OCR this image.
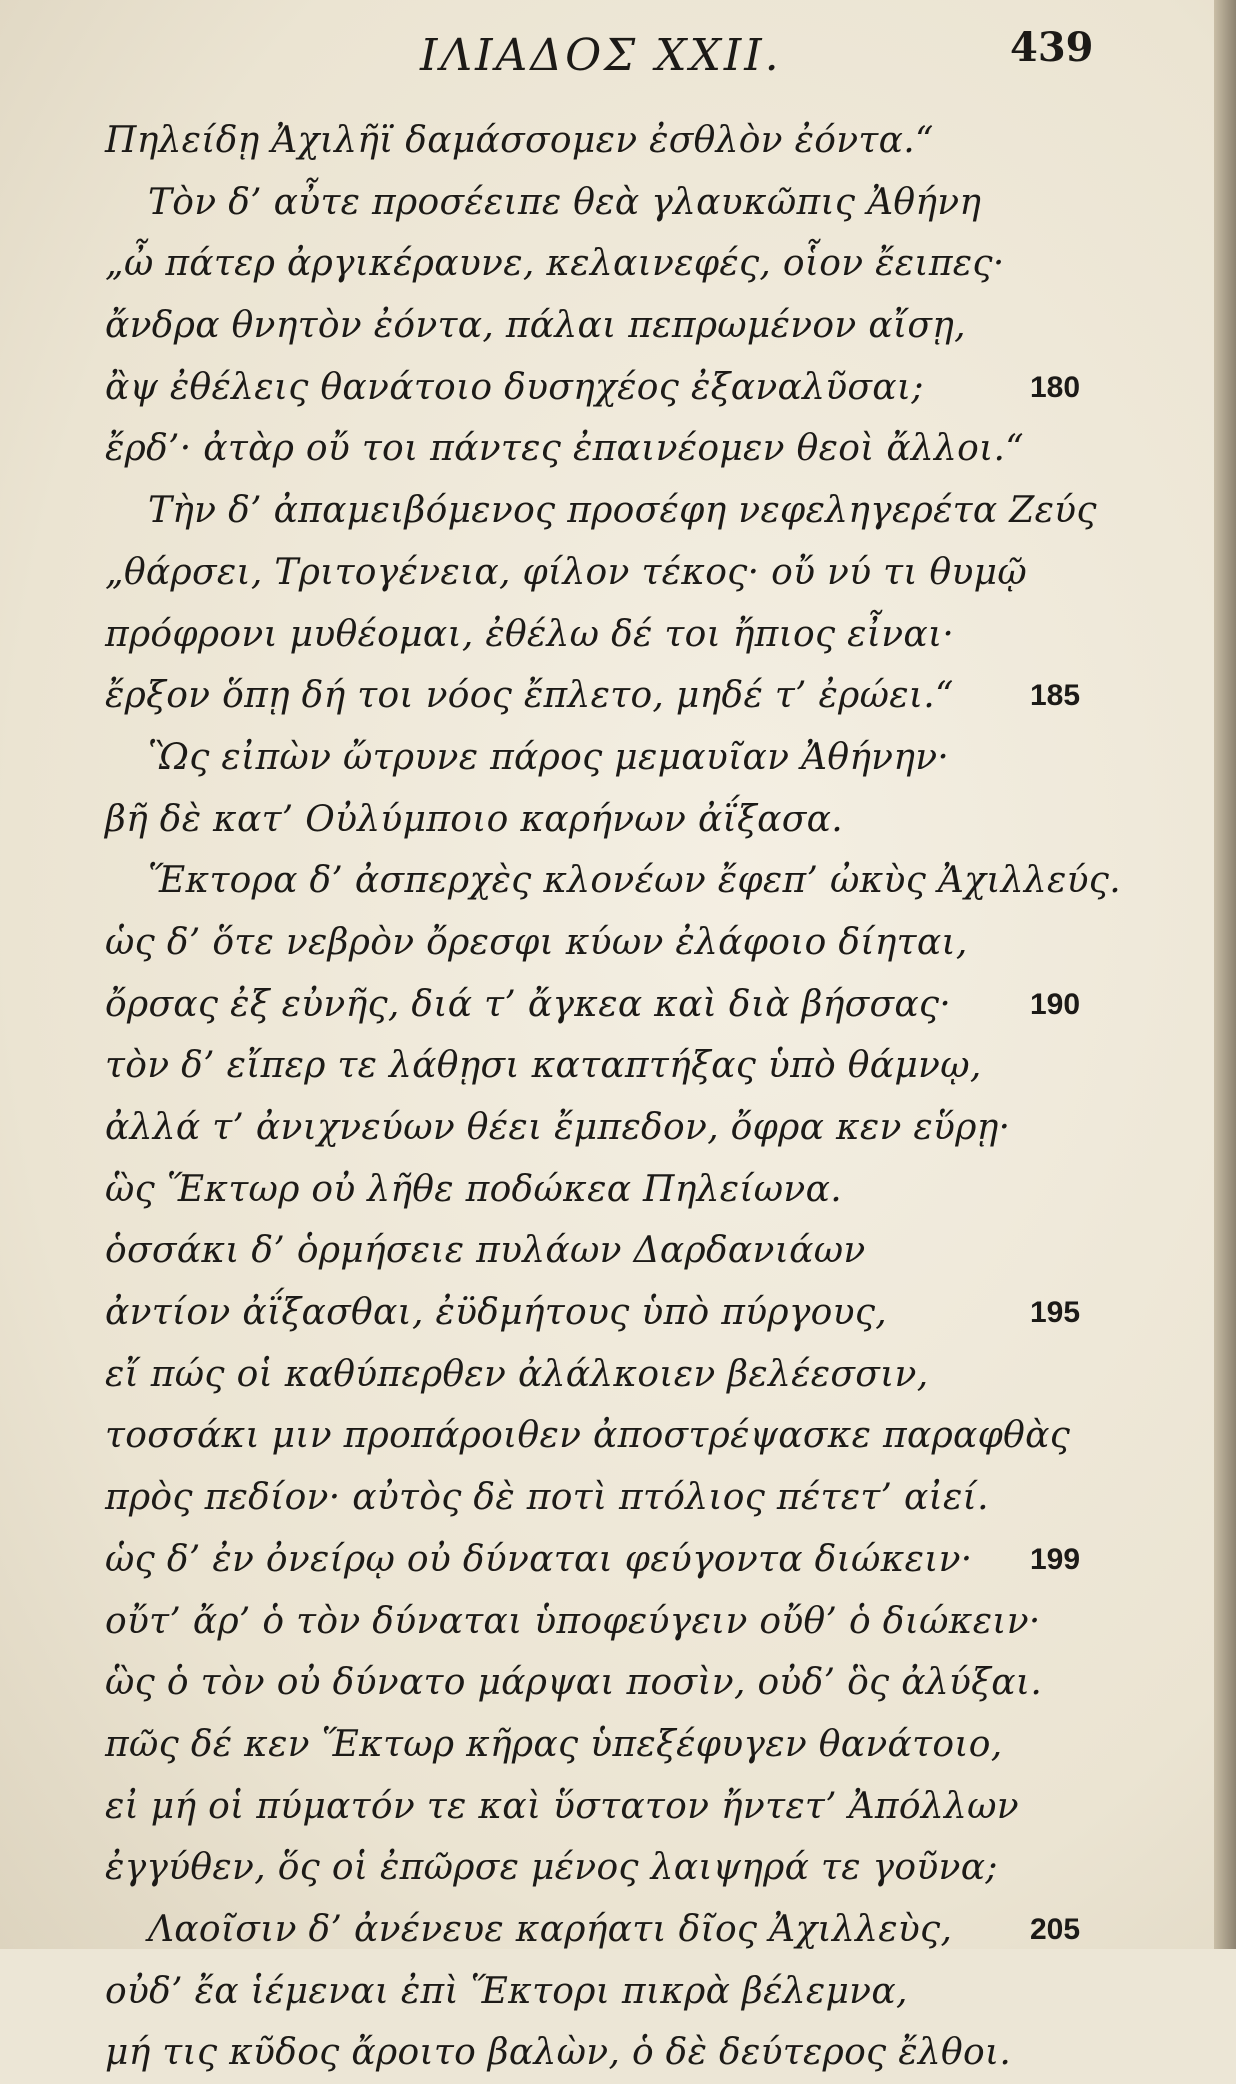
ΙΛΙΑΔΟΣ XXII.	439
Πηλείδῃ Ἀχιλῆϊ δαμάσσομεν ἐσθλὸν ἐόντα.“
Τὸν δ’ αὖτε προσέειπε θεὰ γλαυκῶπις Ἀθήνη
„ὦ πάτερ ἀργικέραυνε, κελαινεφές, οἷον ἔειπες·
ἄνδρα θνητὸν ἐόντα, πάλαι πεπρωμένον αἴσῃ,
ἂψ ἐθέλεις θανάτοιο δυσηχέος ἐξαναλῦσαι;	180
ἔρδ’· ἀτὰρ οὔ τοι πάντες ἐπαινέομεν θεοὶ ἄλλοι.“
Τὴν δ’ ἀπαμειβόμενος προσέφη νεφεληγερέτα Ζεύς
„θάρσει, Τριτογένεια, φίλον τέκος· οὔ νύ τι θυμῷ
πρόφρονι μυθέομαι, ἐθέλω δέ τοι ἤπιος εἶναι·
ἔρξον ὅπῃ δή τοι νόος ἔπλετο, μηδέ τ’ ἐρώει.“	185
Ὣς εἰπὼν ὤτρυνε πάρος μεμαυῖαν Ἀθήνην·
βῆ δὲ κατ’ Οὐλύμποιο καρήνων ἀΐξασα.
Ἕκτορα δ’ ἀσπερχὲς κλονέων ἔφεπ’ ὠκὺς Ἀχιλλεύς.
ὡς δ’ ὅτε νεβρὸν ὄρεσφι κύων ἐλάφοιο δίηται,
ὄρσας ἐξ εὐνῆς, διά τ’ ἄγκεα καὶ διὰ βήσσας·	190
τὸν δ’ εἴπερ τε λάθῃσι καταπτήξας ὑπὸ θάμνῳ,
ἀλλά τ’ ἀνιχνεύων θέει ἔμπεδον, ὄφρα κεν εὕρῃ·
ὣς Ἕκτωρ οὐ λῆθε ποδώκεα Πηλείωνα.
ὁσσάκι δ’ ὁρμήσειε πυλάων Δαρδανιάων
ἀντίον ἀΐξασθαι, ἐϋδμήτους ὑπὸ πύργους,	195
εἴ πώς οἱ καθύπερθεν ἀλάλκοιεν βελέεσσιν,
τοσσάκι μιν προπάροιθεν ἀποστρέψασκε παραφθὰς
πρὸς πεδίον· αὐτὸς δὲ ποτὶ πτόλιος πέτετ’ αἰεί.
ὡς δ’ ἐν ὀνείρῳ οὐ δύναται φεύγοντα διώκειν· 199
οὔτ’ ἄρ’ ὁ τὸν δύναται ὑποφεύγειν οὔθ’ ὁ διώκειν·
ὣς ὁ τὸν οὐ δύνατο μάρψαι ποσὶν, οὐδ’ ὃς ἀλύξαι.
πῶς δέ κεν Ἕκτωρ κῆρας ὑπεξέφυγεν θανάτοιο,
εἰ μή οἱ πύματόν τε καὶ ὕστατον ἤντετ’ Ἀπόλλων
ἐγγύθεν, ὅς οἱ ἐπῶρσε μένος λαιψηρά τε γοῦνα;
Λαοῖσιν δ’ ἀνένευε καρήατι δῖος Ἀχιλλεὺς,	205
οὐδ’ ἔα ἱέμεναι ἐπὶ Ἕκτορι πικρὰ βέλεμνα,
μή τις κῦδος ἄροιτο βαλὼν, ὁ δὲ δεύτερος ἔλθοι.
